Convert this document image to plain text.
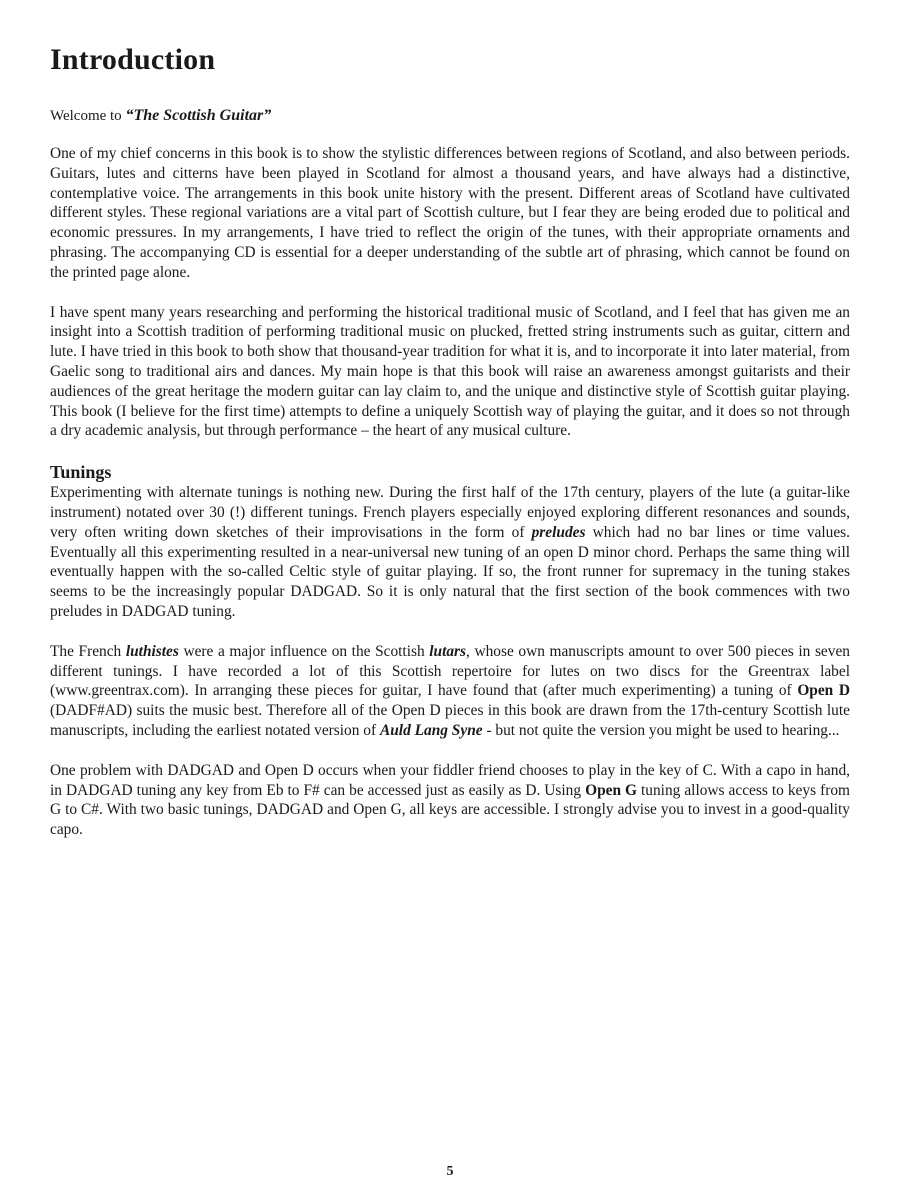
Introduction
Welcome to “The Scottish Guitar”

One of my chief concerns in this book is to show the stylistic differences between regions of Scotland, and also between periods. Guitars, lutes and citterns have been played in Scotland for almost a thousand years, and have always had a distinctive, contemplative voice. The arrangements in this book unite history with the present. Different areas of Scotland have cultivated different styles. These regional variations are a vital part of Scottish culture, but I fear they are being eroded due to political and economic pressures. In my arrangements, I have tried to reflect the origin of the tunes, with their appropriate ornaments and phrasing. The accompanying CD is essential for a deeper understanding of the subtle art of phrasing, which cannot be found on the printed page alone.

I have spent many years researching and performing the historical traditional music of Scotland, and I feel that has given me an insight into a Scottish tradition of performing traditional music on plucked, fretted string instruments such as guitar, cittern and lute. I have tried in this book to both show that thousand-year tradition for what it is, and to incorporate it into later material, from Gaelic song to traditional airs and dances. My main hope is that this book will raise an awareness amongst guitarists and their audiences of the great heritage the modern guitar can lay claim to, and the unique and distinctive style of Scottish guitar playing. This book (I believe for the first time) attempts to define a uniquely Scottish way of playing the guitar, and it does so not through a dry academic analysis, but through performance – the heart of any musical culture.

Tunings

Experimenting with alternate tunings is nothing new. During the first half of the 17th century, players of the lute (a guitar-like instrument) notated over 30 (!) different tunings. French players especially enjoyed exploring different resonances and sounds, very often writing down sketches of their improvisations in the form of preludes which had no bar lines or time values. Eventually all this experimenting resulted in a near-universal new tuning of an open D minor chord. Perhaps the same thing will eventually happen with the so-called Celtic style of guitar playing. If so, the front runner for supremacy in the tuning stakes seems to be the increasingly popular DADGAD. So it is only natural that the first section of the book commences with two preludes in DADGAD tuning.

The French luthistes were a major influence on the Scottish lutars, whose own manuscripts amount to over 500 pieces in seven different tunings. I have recorded a lot of this Scottish repertoire for lutes on two discs for the Greentrax label (www.greentrax.com). In arranging these pieces for guitar, I have found that (after much experimenting) a tuning of Open D (DADF#AD) suits the music best. Therefore all of the Open D pieces in this book are drawn from the 17th-century Scottish lute manuscripts, including the earliest notated version of Auld Lang Syne - but not quite the version you might be used to hearing...

One problem with DADGAD and Open D occurs when your fiddler friend chooses to play in the key of C. With a capo in hand, in DADGAD tuning any key from Eb to F# can be accessed just as easily as D. Using Open G tuning allows access to keys from G to C#. With two basic tunings, DADGAD and Open G, all keys are accessible. I strongly advise you to invest in a good-quality capo.

5
